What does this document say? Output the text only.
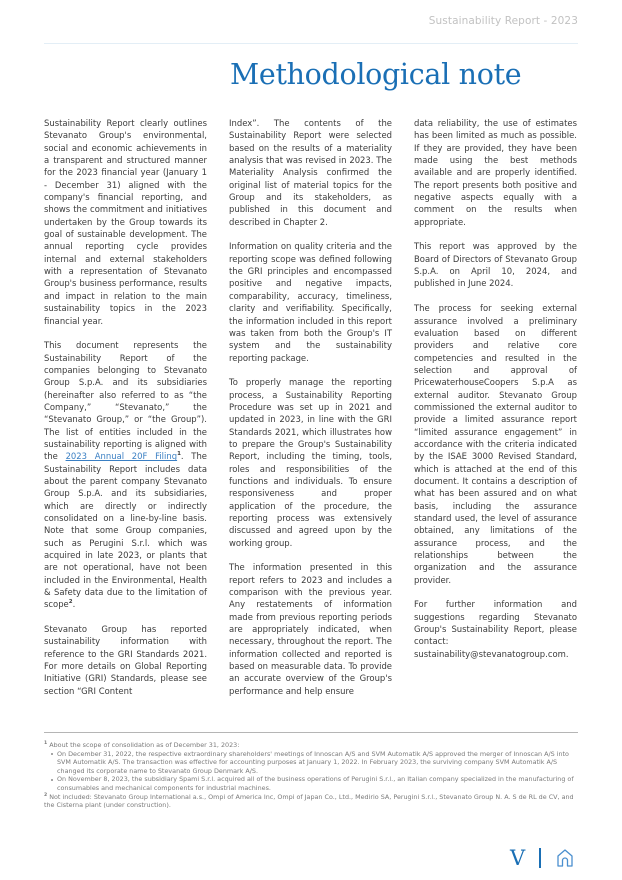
Sustainability Report - 2023
Methodological note

Sustainability Report clearly outlines Stevanato Group's environmental, social and economic achievements in a transparent and structured manner for the 2023 financial year (January 1 - December 31) aligned with the company's financial reporting, and shows the commitment and initiatives undertaken by the Group towards its goal of sustainable development. The annual reporting cycle provides internal and external stakeholders with a representation of Stevanato Group's business performance, results and impact in relation to the main sustainability topics in the 2023 financial year.

This document represents the Sustainability Report of the companies belonging to Stevanato Group S.p.A. and its subsidiaries (hereinafter also referred to as “the Company,” “Stevanato,” the “Stevanato Group,” or “the Group”). The list of entities included in the sustainability reporting is aligned with the 2023 Annual 20F Filing$^1$. The Sustainability Report includes data about the parent company Stevanato Group S.p.A. and its subsidiaries, which are directly or indirectly consolidated on a line-by-line basis. Note that some Group companies, such as Perugini S.r.l. which was acquired in late 2023, or plants that are not operational, have not been included in the Environmental, Health & Safety data due to the limitation of scope$^2$.

Stevanato Group has reported sustainability information with reference to the GRI Standards 2021. For more details on Global Reporting Initiative (GRI) Standards, please see section “GRI Content

Index”. The contents of the Sustainability Report were selected based on the results of a materiality analysis that was revised in 2023. The Materiality Analysis confirmed the original list of material topics for the Group and its stakeholders, as published in this document and described in Chapter 2.

Information on quality criteria and the reporting scope was defined following the GRI principles and encompassed positive and negative impacts, comparability, accuracy, timeliness, clarity and verifiability. Specifically, the information included in this report was taken from both the Group's IT system and the sustainability reporting package.

To properly manage the reporting process, a Sustainability Reporting Procedure was set up in 2021 and updated in 2023, in line with the GRI Standards 2021, which illustrates how to prepare the Group's Sustainability Report, including the timing, tools, roles and responsibilities of the functions and individuals. To ensure responsiveness and proper application of the procedure, the reporting process was extensively discussed and agreed upon by the working group.

The information presented in this report refers to 2023 and includes a comparison with the previous year. Any restatements of information made from previous reporting periods are appropriately indicated, when necessary, throughout the report. The information collected and reported is based on measurable data. To provide an accurate overview of the Group's performance and help ensure

data reliability, the use of estimates has been limited as much as possible. If they are provided, they have been made using the best methods available and are properly identified. The report presents both positive and negative aspects equally with a comment on the results when appropriate.

This report was approved by the Board of Directors of Stevanato Group S.p.A. on April 10, 2024, and published in June 2024.

The process for seeking external assurance involved a preliminary evaluation based on different providers and relative core competencies and resulted in the selection and approval of PricewaterhouseCoopers S.p.A as external auditor. Stevanato Group commissioned the external auditor to provide a limited assurance report “limited assurance engagement” in accordance with the criteria indicated by the ISAE 3000 Revised Standard, which is attached at the end of this document. It contains a description of what has been assured and on what basis, including the assurance standard used, the level of assurance obtained, any limitations of the assurance process, and the relationships between the organization and the assurance provider.

For further information and suggestions regarding Stevanato Group's Sustainability Report, please contact: sustainability@stevanatogroup.com.

$^1$ About the scope of consolidation as of December 31, 2023:
On December 31, 2022, the respective extraordinary shareholders' meetings of Innoscan A/S and SVM Automatik A/S approved the merger of Innoscan A/S into SVM Automatik A/S. The transaction was effective for accounting purposes at January 1, 2022. In February 2023, the surviving company SVM Automatik A/S changed its corporate name to Stevanato Group Denmark A/S.
On November 8, 2023, the subsidiary Spami S.r.l. acquired all of the business operations of Perugini S.r.l., an Italian company specialized in the manufacturing of consumables and mechanical components for industrial machines.
$^2$ Not included: Stevanato Group International a.s., Ompi of America Inc, Ompi of Japan Co., Ltd., Medirio SA, Perugini S.r.l., Stevanato Group N. A. S de RL de CV, and the Cisterna plant (under construction).
V
